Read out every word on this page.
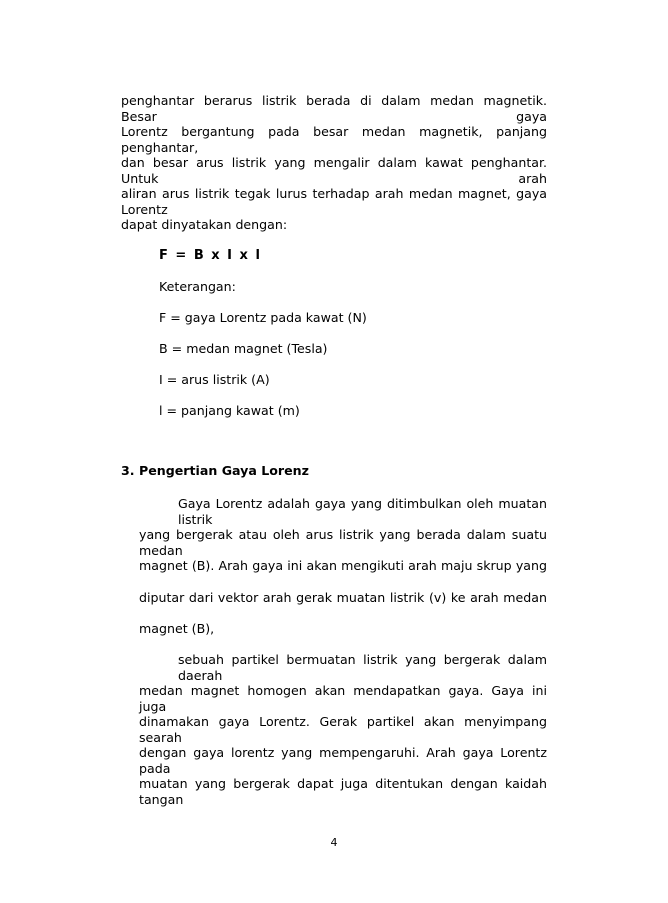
penghantar berarus listrik berada di dalam medan magnetik. Besar gaya
Lorentz bergantung pada besar medan magnetik, panjang penghantar,
dan besar arus listrik yang mengalir dalam kawat penghantar. Untuk arah
aliran arus listrik tegak lurus terhadap arah medan magnet, gaya Lorentz
dapat dinyatakan dengan:
F = B x I x l
Keterangan:
F = gaya Lorentz pada kawat (N)
B = medan magnet (Tesla)
I = arus listrik (A)
l = panjang kawat (m)
3. Pengertian Gaya Lorenz
Gaya Lorentz adalah gaya yang ditimbulkan oleh muatan listrik
yang bergerak atau oleh arus listrik yang berada dalam suatu medan
magnet (B). Arah gaya ini akan mengikuti arah maju skrup yang
diputar dari vektor arah gerak muatan listrik (v) ke arah medan
magnet (B),
sebuah partikel bermuatan listrik yang bergerak dalam daerah
medan magnet homogen akan mendapatkan gaya. Gaya ini juga
dinamakan gaya Lorentz. Gerak partikel akan menyimpang searah
dengan gaya lorentz yang mempengaruhi. Arah gaya Lorentz pada
muatan yang bergerak dapat juga ditentukan dengan kaidah tangan
4
